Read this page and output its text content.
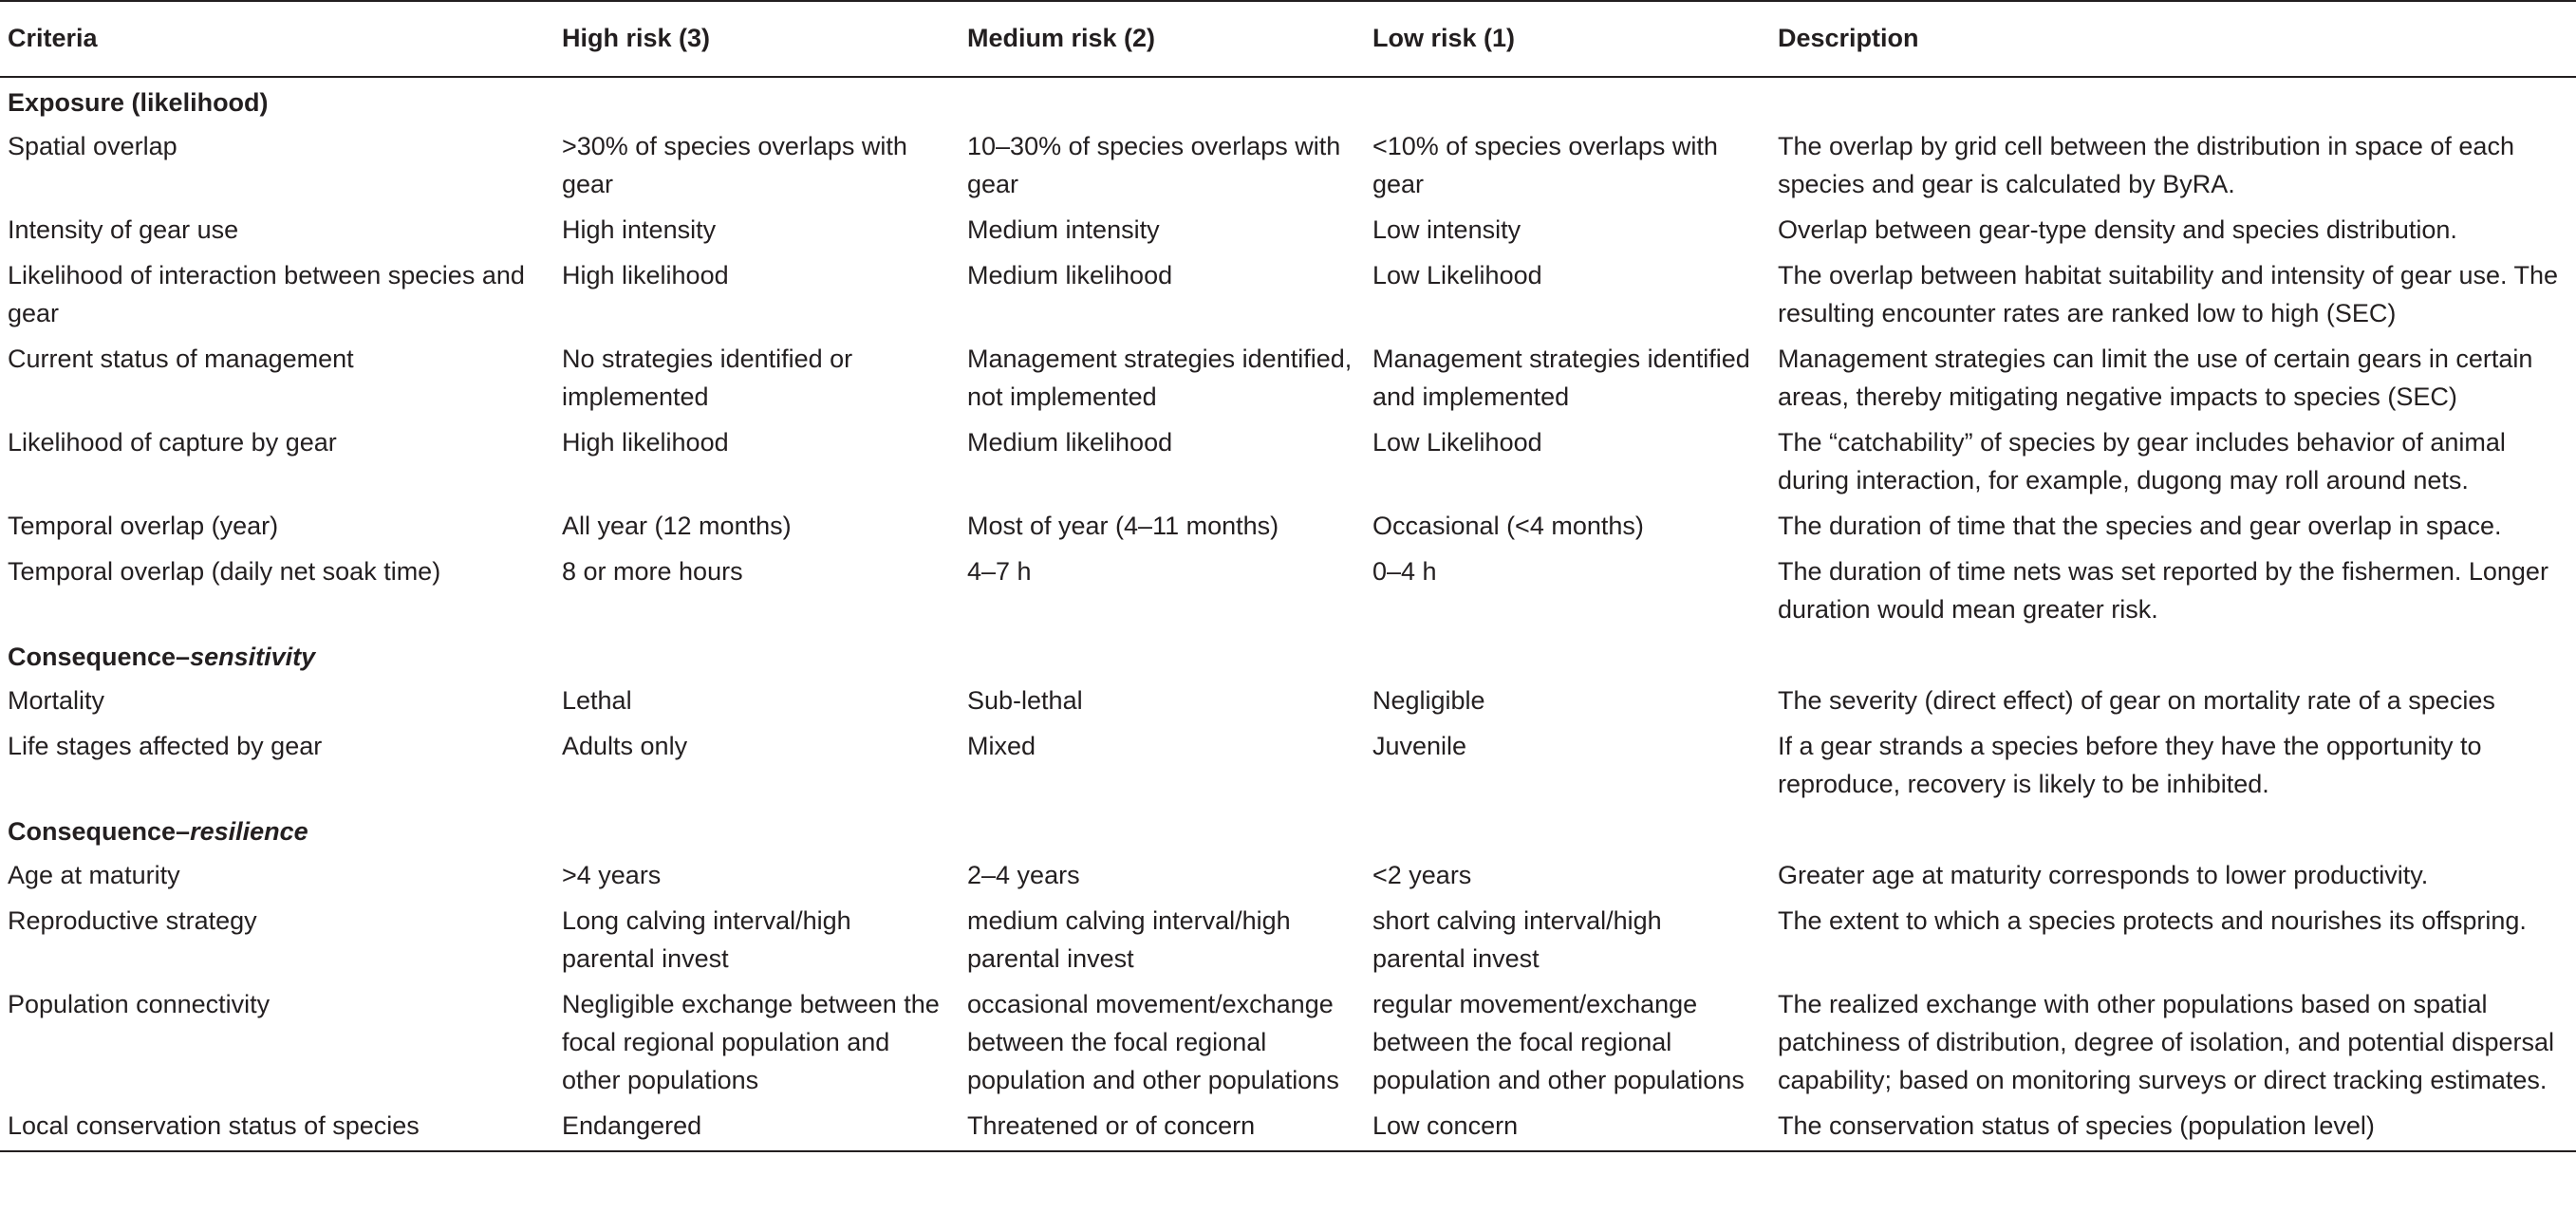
Criteria	High risk (3)	Medium risk (2)	Low risk (1)	Description
Exposure (likelihood)				
Spatial overlap	>30% of species overlaps with gear	10–30% of species overlaps with gear	<10% of species overlaps with gear	The overlap by grid cell between the distribution in space of each species and gear is calculated by ByRA.
Intensity of gear use	High intensity	Medium intensity	Low intensity	Overlap between gear-type density and species distribution.
Likelihood of interaction between species and gear	High likelihood	Medium likelihood	Low Likelihood	The overlap between habitat suitability and intensity of gear use. The resulting encounter rates are ranked low to high (SEC)
Current status of management	No strategies identified or implemented	Management strategies identified, not implemented	Management strategies identified and implemented	Management strategies can limit the use of certain gears in certain areas, thereby mitigating negative impacts to species (SEC)
Likelihood of capture by gear	High likelihood	Medium likelihood	Low Likelihood	The “catchability” of species by gear includes behavior of animal during interaction, for example, dugong may roll around nets.
Temporal overlap (year)	All year (12 months)	Most of year (4–11 months)	Occasional (<4 months)	The duration of time that the species and gear overlap in space.
Temporal overlap (daily net soak time)	8 or more hours	4–7 h	0–4 h	The duration of time nets was set reported by the fishermen. Longer duration would mean greater risk.
Consequence–sensitivity				
Mortality	Lethal	Sub-lethal	Negligible	The severity (direct effect) of gear on mortality rate of a species
Life stages affected by gear	Adults only	Mixed	Juvenile	If a gear strands a species before they have the opportunity to reproduce, recovery is likely to be inhibited.
Consequence–resilience				
Age at maturity	>4 years	2–4 years	<2 years	Greater age at maturity corresponds to lower productivity.
Reproductive strategy	Long calving interval/high parental invest	medium calving interval/high parental invest	short calving interval/high parental invest	The extent to which a species protects and nourishes its offspring.
Population connectivity	Negligible exchange between the focal regional population and other populations	occasional movement/exchange between the focal regional population and other populations	regular movement/exchange between the focal regional population and other populations	The realized exchange with other populations based on spatial patchiness of distribution, degree of isolation, and potential dispersal capability; based on monitoring surveys or direct tracking estimates.
Local conservation status of species	Endangered	Threatened or of concern	Low concern	The conservation status of species (population level)
